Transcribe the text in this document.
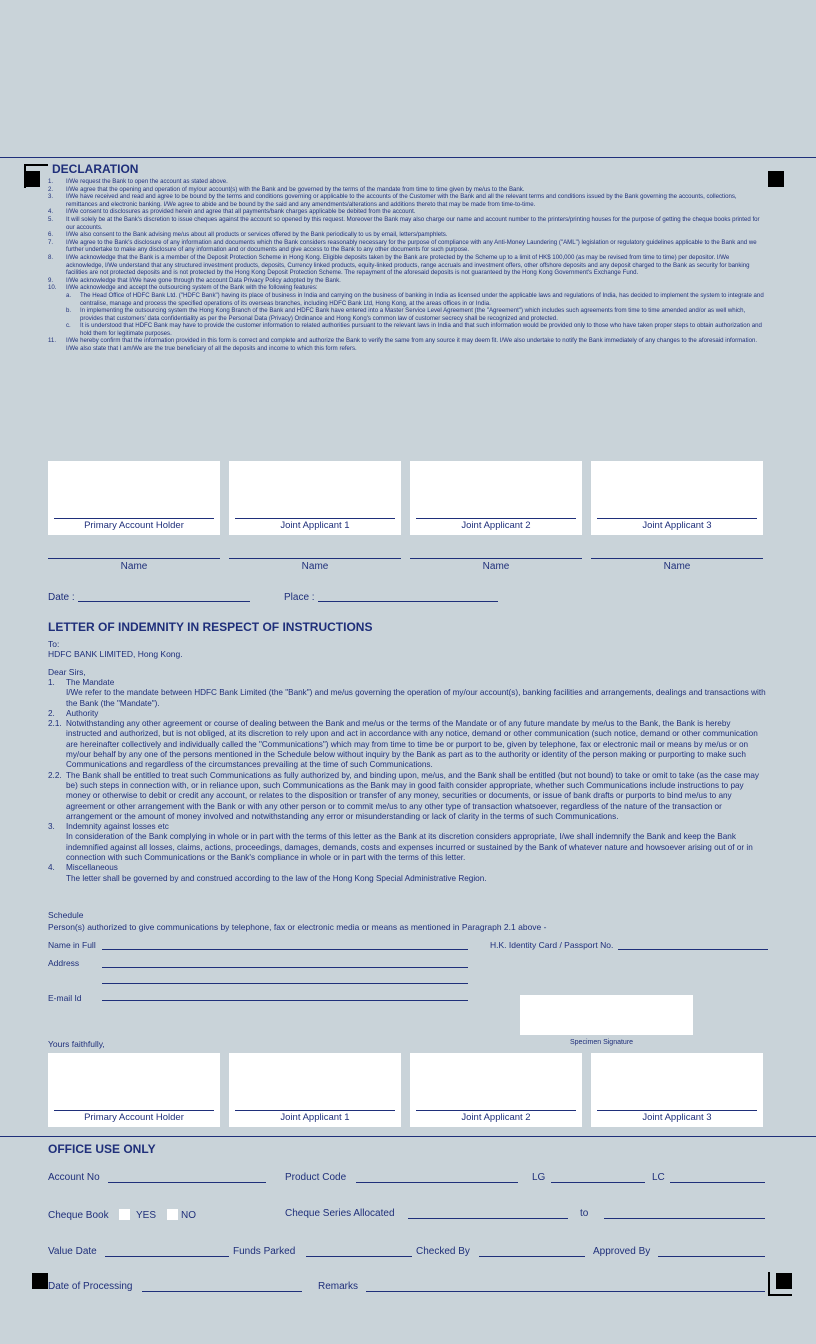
DECLARATION
1.	I/We request the Bank to open the account as stated above.
2.	I/We agree that the opening and operation of my/our account(s) with the Bank and be governed by the terms of the mandate from time to time given by me/us to the Bank.
3.	I/We have received and read and agree to be bound by the terms and conditions governing or applicable to the accounts of the Customer with the Bank and all the relevant terms and conditions issued by the Bank governing the accounts, collections, remittances and electronic banking. I/We agree to abide and be bound by the said and any amendments/alterations and additions thereto that may be made from time-to-time.
4.	I/We consent to disclosures as provided herein and agree that all payments/bank charges applicable be debited from the account.
5.	It will solely be at the Bank's discretion to issue cheques against the account so opened by this request. Moreover the Bank may also charge our name and account number to the printers/printing houses for the purpose of getting the cheque books printed for our accounts.
6.	I/We also consent to the Bank advising me/us about all products or services offered by the Bank periodically to us by email, letters/pamphlets.
7.	I/We agree to the Bank's disclosure of any information and documents which the Bank considers reasonably necessary for the purpose of compliance with any Anti-Money Laundering ("AML") legislation or regulatory guidelines applicable to the Bank and we further undertake to make any disclosure of any information and or documents and give access to the Bank to any other documents for such purpose.
8.	I/We acknowledge that the Bank is a member of the Deposit Protection Scheme in Hong Kong. Eligible deposits taken by the Bank are protected by the Scheme up to a limit of HK$ 100,000 (as may be revised from time to time) per depositor. I/We acknowledge, I/We understand that any structured investment products, deposits, Currency linked products, equity-linked products, range accruals and investment offers, other offshore deposits and any deposit charged to the Bank as security for banking facilities are not protected deposits and is not protected by the Hong Kong Deposit Protection Scheme. The repayment of the aforesaid deposits is not guaranteed by the Hong Kong Government's Exchange Fund.
9.	I/We acknowledge that I/We have gone through the account Data Privacy Policy adopted by the Bank.
10.	I/We acknowledge and accept the outsourcing system of the Bank with the following features:
a.	The Head Office of HDFC Bank Ltd. ("HDFC Bank") having its place of business in India and carrying on the business of banking in India as licensed under the applicable laws and regulations of India, has decided to implement the system to integrate and centralise, manage and process the specified operations of its overseas branches, including HDFC Bank Ltd, Hong Kong, at the areas offices in or India.
b.	In implementing the outsourcing system the Hong Kong Branch of the Bank and HDFC Bank have entered into a Master Service Level Agreement (the "Agreement") which includes such agreements from time to time amended and/or as well which, provides that customers' data confidentiality as per the Personal Data (Privacy) Ordinance and Hong Kong's common law of customer secrecy shall be recognized and protected.
c.	It is understood that HDFC Bank may have to provide the customer information to related authorities pursuant to the relevant laws in India and that such information would be provided only to those who have taken proper steps to obtain authorization and hold them for legitimate purposes.
11.	I/We hereby confirm that the information provided in this form is correct and complete and authorize the Bank to verify the same from any source it may deem fit. I/We also undertake to notify the Bank immediately of any changes to the aforesaid information. I/We also state that I am/We are the true beneficiary of all the deposits and income to which this form refers.
Primary Account Holder	Joint Applicant 1	Joint Applicant 2	Joint Applicant 3
Name	Name	Name	Name
Date :	Place :
LETTER OF INDEMNITY IN RESPECT OF INSTRUCTIONS
To:
HDFC BANK LIMITED, Hong Kong.
Dear Sirs,
1.	The Mandate
I/We refer to the mandate between HDFC Bank Limited (the "Bank") and me/us governing the operation of my/our account(s), banking facilities and arrangements, dealings and transactions with the Bank (the "Mandate").
2.	Authority
2.1. Notwithstanding any other agreement or course of dealing between the Bank and me/us or the terms of the Mandate or of any future mandate by me/us to the Bank, the Bank is hereby instructed and authorized, but is not obliged, at its discretion to rely upon and act in accordance with any notice, demand or other communication (such notice, demand or other communication are hereinafter collectively and individually called the "Communications") which may from time to time be or purport to be, given by telephone, fax or electronic mail or means by me/us or on my/our behalf by any one of the persons mentioned in the Schedule below without inquiry by the Bank as part as to the authority or identity of the person making or purporting to make such Communications and regardless of the circumstances prevailing at the time of such Communications.
2.2. The Bank shall be entitled to treat such Communications as fully authorized by, and binding upon, me/us, and the Bank shall be entitled (but not bound) to take or omit to take (as the case may be) such steps in connection with, or in reliance upon, such Communications as the Bank may in good faith consider appropriate, whether such Communications include instructions to pay money or otherwise to debit or credit any account, or relates to the disposition or transfer of any money, securities or documents, or issue of bank drafts or purports to bind me/us to any agreement or other arrangement with the Bank or with any other person or to commit me/us to any other type of transaction whatsoever, regardless of the nature of the transaction or arrangement or the amount of money involved and notwithstanding any error or misunderstanding or lack of clarity in the terms of such Communications.
3.	Indemnity against losses etc
In consideration of the Bank complying in whole or in part with the terms of this letter as the Bank at its discretion considers appropriate, I/we shall indemnify the Bank and keep the Bank indemnified against all losses, claims, actions, proceedings, damages, demands, costs and expenses incurred or sustained by the Bank of whatever nature and howsoever arising out of or in connection with such Communications or the Bank's compliance in whole or in part with the terms of this letter.
4.	Miscellaneous
The letter shall be governed by and construed according to the law of the Hong Kong Special Administrative Region.
Schedule
Person(s) authorized to give communications by telephone, fax or electronic media or means as mentioned in Paragraph 2.1 above -
Name in Full	H.K. Identity Card / Passport No.
Address
E-mail Id
Specimen Signature
Yours faithfully,
Primary Account Holder	Joint Applicant 1	Joint Applicant 2	Joint Applicant 3
OFFICE USE ONLY
Account No	Product Code	LG	LC
Cheque Book	YES NO	Cheque Series Allocated	to
Value Date	Funds Parked	Checked By	Approved By
Date of Processing	Remarks
